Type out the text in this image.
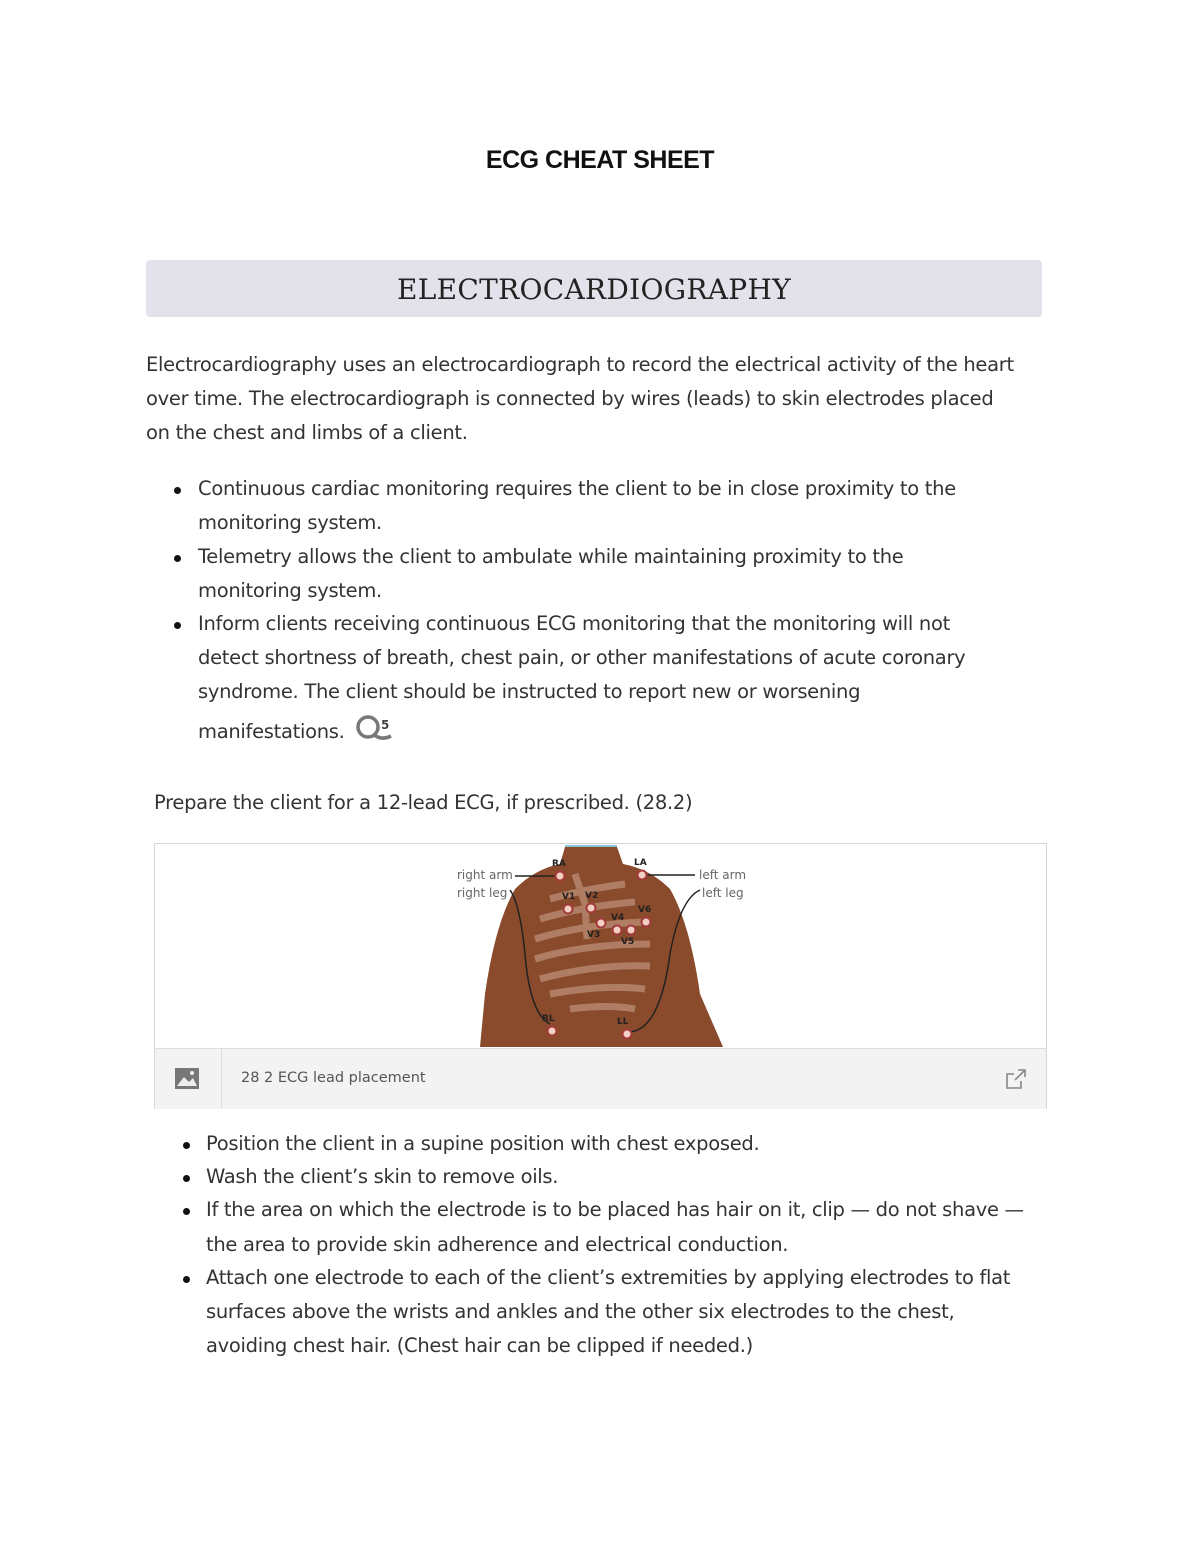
ECG CHEAT SHEET
ELECTROCARDIOGRAPHY
Electrocardiography uses an electrocardiograph to record the electrical activity of the heart
over time. The electrocardiograph is connected by wires (leads) to skin electrodes placed
on the chest and limbs of a client.
Continuous cardiac monitoring requires the client to be in close proximity to the
monitoring system.
Telemetry allows the client to ambulate while maintaining proximity to the
monitoring system.
Inform clients receiving continuous ECG monitoring that the monitoring will not
detect shortness of breath, chest pain, or other manifestations of acute coronary
syndrome. The client should be instructed to report new or worsening
manifestations.	5
Prepare the client for a 12-lead ECG, if prescribed. (28.2)
right arm
right leg
left arm
left leg
RA	LA
V1 V2
V3
V4
V5
V6
RL	LL
28 2 ECG lead placement
Position the client in a supine position with chest exposed.
Wash the client’s skin to remove oils.
If the area on which the electrode is to be placed has hair on it, clip — do not shave —
the area to provide skin adherence and electrical conduction.
Attach one electrode to each of the client’s extremities by applying electrodes to flat
surfaces above the wrists and ankles and the other six electrodes to the chest,
avoiding chest hair. (Chest hair can be clipped if needed.)
